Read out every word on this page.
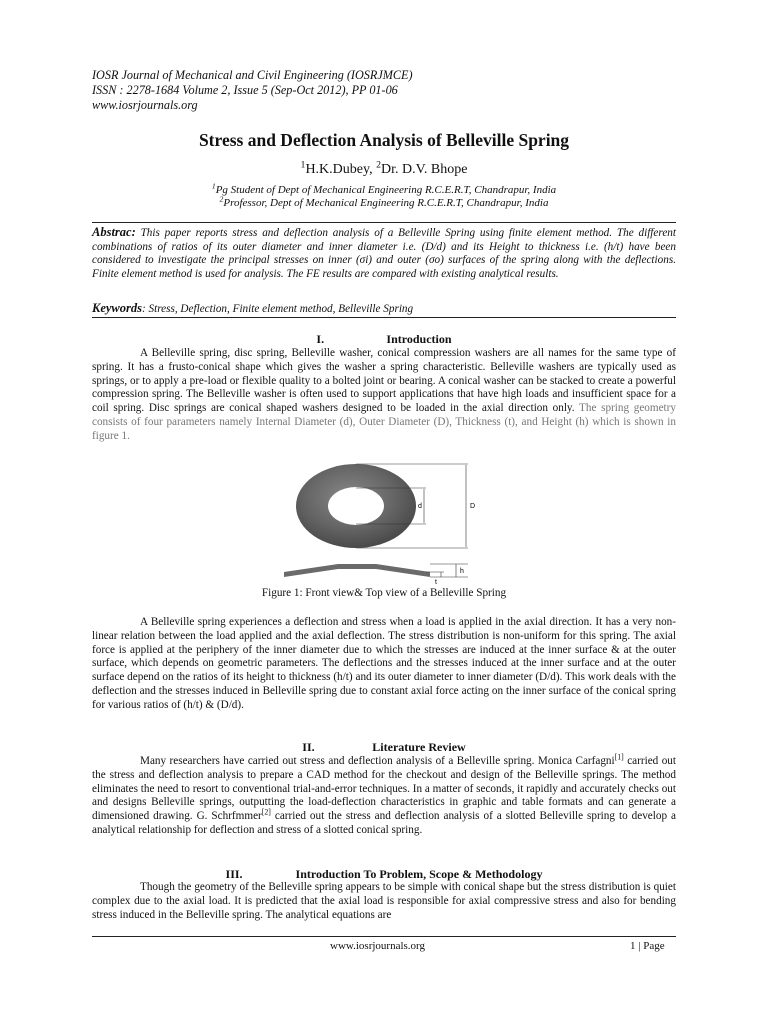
IOSR Journal of Mechanical and Civil Engineering (IOSRJMCE)
ISSN : 2278-1684 Volume 2, Issue 5 (Sep-Oct 2012), PP 01-06
www.iosrjournals.org
Stress and Deflection Analysis of Belleville Spring
$^1$H.K.Dubey, $^2$Dr. D.V. Bhope
$^1$Pg Student of Dept of Mechanical Engineering R.C.E.R.T, Chandrapur, India
$^2$Professor, Dept of Mechanical Engineering R.C.E.R.T, Chandrapur, India
Abstrac: This paper reports stress and deflection analysis of a Belleville Spring using finite element method. The different combinations of ratios of its outer diameter and inner diameter i.e. (D/d) and its Height to thickness i.e. (h/t) have been considered to investigate the principal stresses on inner (σi) and outer (σo) surfaces of the spring along with the deflections. Finite element method is used for analysis. The FE results are compared with existing analytical results.
Keywords: Stress, Deflection, Finite element method, Belleville Spring
I.	Introduction
A Belleville spring, disc spring, Belleville washer, conical compression washers are all names for the same type of spring. It has a frusto-conical shape which gives the washer a spring characteristic. Belleville washers are typically used as springs, or to apply a pre-load or flexible quality to a bolted joint or bearing. A conical washer can be stacked to create a powerful compression spring. The Belleville washer is often used to support applications that have high loads and insufficient space for a coil spring. Disc springs are conical shaped washers designed to be loaded in the axial direction only. The spring geometry consists of four parameters namely Internal Diameter (d), Outer Diameter (D), Thickness (t), and Height (h) which is shown in figure 1.
d	D
h
t
Figure 1: Front view& Top view of a Belleville Spring
A Belleville spring experiences a deflection and stress when a load is applied in the axial direction. It has a very non-linear relation between the load applied and the axial deflection. The stress distribution is non-uniform for this spring. The axial force is applied at the periphery of the inner diameter due to which the stresses are induced at the inner surface & at the outer surface, which depends on geometric parameters. The deflections and the stresses induced at the inner surface and at the outer surface depend on the ratios of its height to thickness (h/t) and its outer diameter to inner diameter (D/d). This work deals with the deflection and the stresses induced in Belleville spring due to constant axial force acting on the inner surface of the conical spring for various ratios of (h/t) & (D/d).
II.	Literature Review
Many researchers have carried out stress and deflection analysis of a Belleville spring. Monica Carfagni[1] carried out the stress and deflection analysis to prepare a CAD method for the checkout and design of the Belleville springs. The method eliminates the need to resort to conventional trial-and-error techniques. In a matter of seconds, it rapidly and accurately checks out and designs Belleville springs, outputting the load-deflection characteristics in graphic and table formats and can generate a dimensioned drawing. G. Schrfmmer[2] carried out the stress and deflection analysis of a slotted Belleville spring to develop a analytical relationship for deflection and stress of a slotted conical spring.
III.	Introduction To Problem, Scope & Methodology
Though the geometry of the Belleville spring appears to be simple with conical shape but the stress distribution is quiet complex due to the axial load. It is predicted that the axial load is responsible for axial compressive stress and also for bending stress induced in the Belleville spring. The analytical equations are
www.iosrjournals.org	1 | Page
